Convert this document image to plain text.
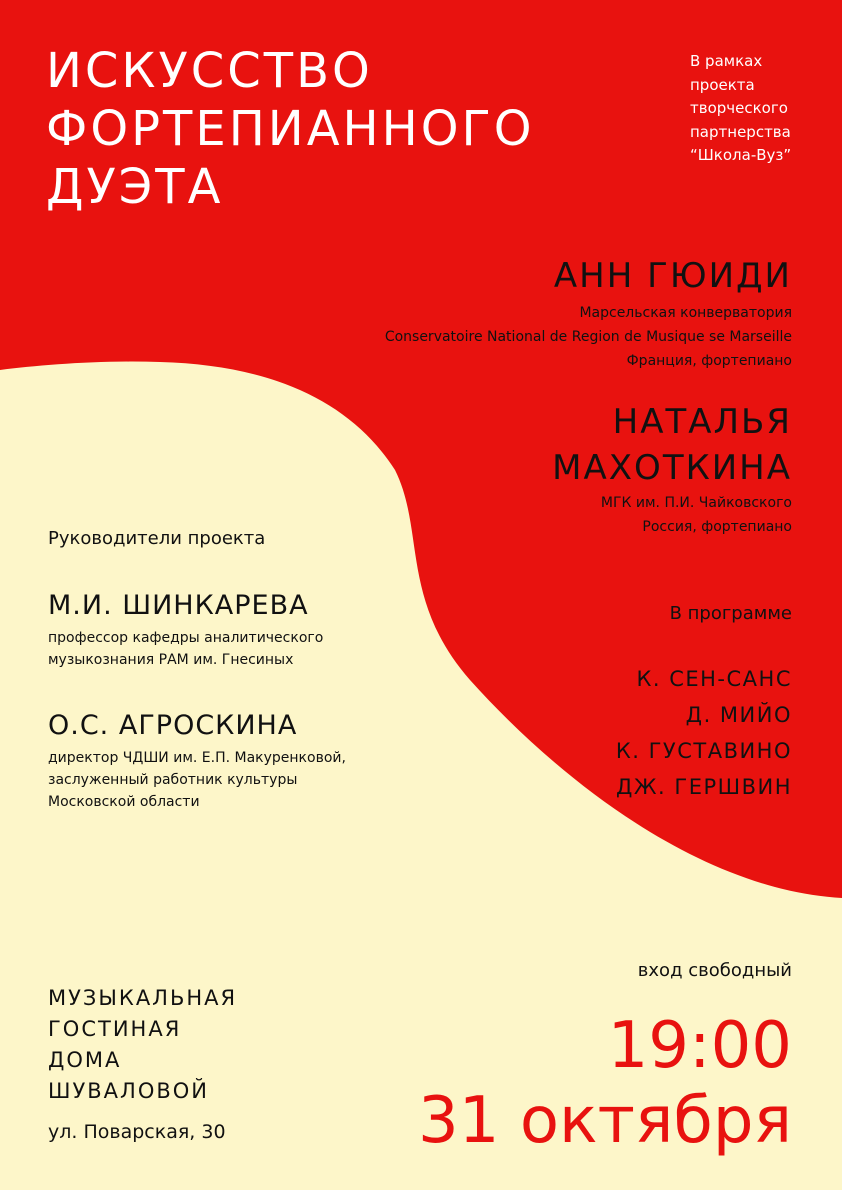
ИСКУССТВО
ФОРТЕПИАННОГО
ДУЭТА
В рамках
проекта
творческого
партнерства
“Школа-Вуз”
АНН ГЮИДИ
Марсельская конверватория
Conservatoire National de Region de Musique se Marseille
Франция, фортепиано
НАТАЛЬЯ
МАХОТКИНА
МГК им. П.И. Чайковского
Россия, фортепиано
Руководители проекта
М.И. ШИНКАРЕВА
профессор кафедры аналитического
музыкознания РАМ им. Гнесиных
О.С. АГРОСКИНА
директор ЧДШИ им. Е.П. Макуренковой,
заслуженный работник культуры
Московской области
В программе
К. СЕН-САНС
Д. МИЙО
К. ГУСТАВИНО
ДЖ. ГЕРШВИН
МУЗЫКАЛЬНАЯ
ГОСТИНАЯ
ДОМА
ШУВАЛОВОЙ
ул. Поварская, 30
вход свободный
19:00
31 октября
